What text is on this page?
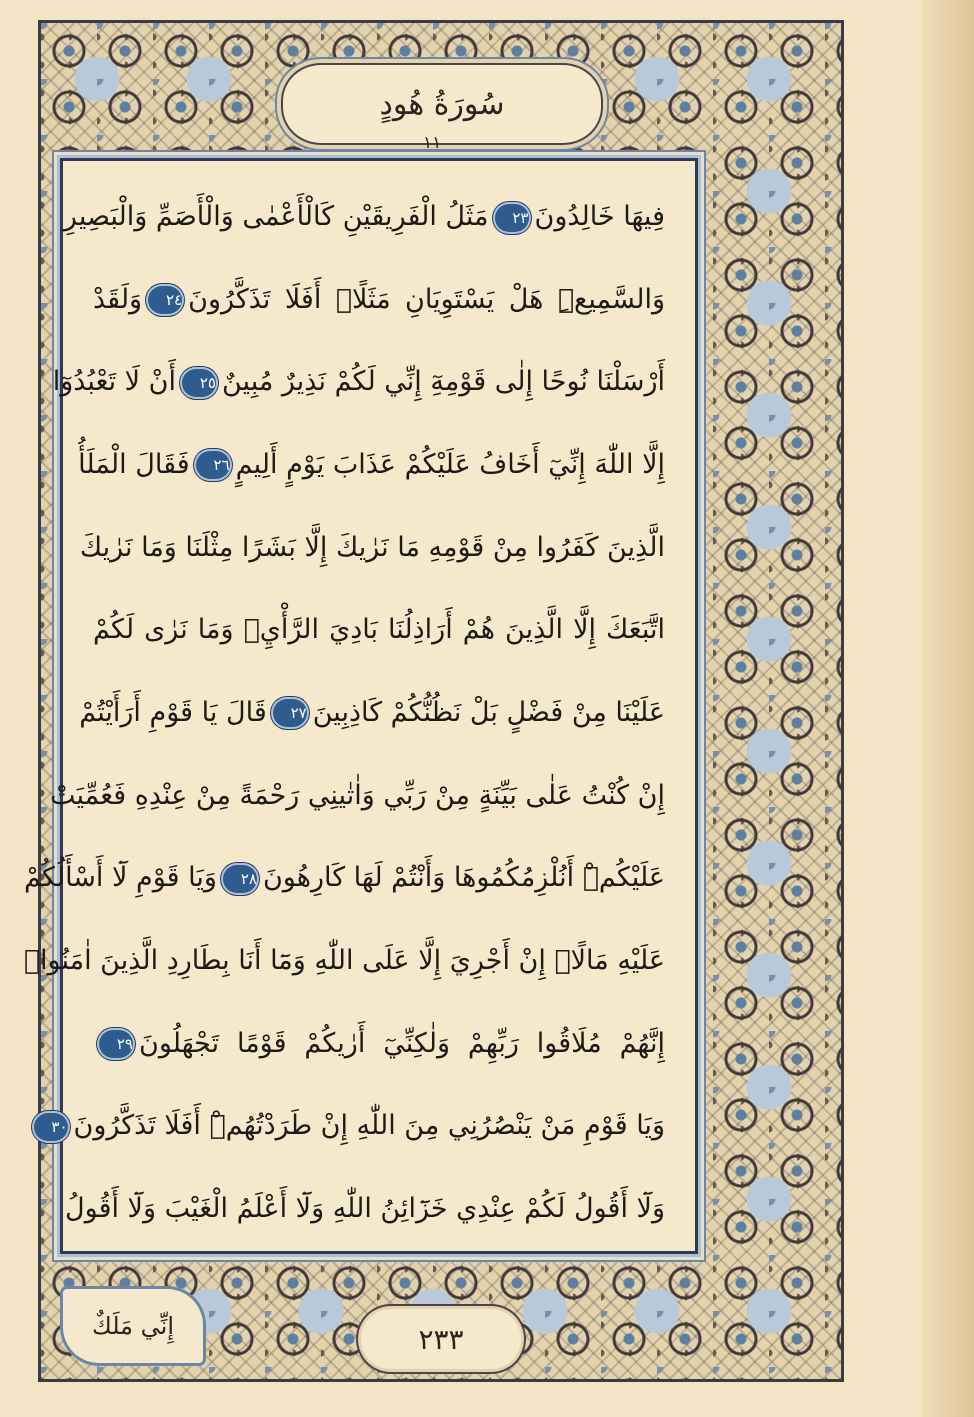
سُورَةُ هُودٍ
١١
فِيهَا خَالِدُونَ٢٣مَثَلُ الْفَرِيقَيْنِ كَالْأَعْمٰى وَالْأَصَمِّ وَالْبَصِيرِ
وَالسَّمِيعِۜ هَلْ يَسْتَوِيَانِ مَثَلًاۜ أَفَلَا تَذَكَّرُونَ٢٤وَلَقَدْ
أَرْسَلْنَا نُوحًا إِلٰى قَوْمِهِٓ إِنِّي لَكُمْ نَذِيرٌ مُبِينٌ٢٥أَنْ لَا تَعْبُدُوٓا
إِلَّا اللّٰهَ إِنِّيٓ أَخَافُ عَلَيْكُمْ عَذَابَ يَوْمٍ أَلِيمٍ٢٦فَقَالَ الْمَلَأُ
الَّذِينَ كَفَرُوا مِنْ قَوْمِهِ مَا نَرٰيكَ إِلَّا بَشَرًا مِثْلَنَا وَمَا نَرٰيكَ
اتَّبَعَكَ إِلَّا الَّذِينَ هُمْ أَرَاذِلُنَا بَادِيَ الرَّأْيِۚ وَمَا نَرٰى لَكُمْ
عَلَيْنَا مِنْ فَضْلٍ بَلْ نَظُنُّكُمْ كَاذِبِينَ٢٧قَالَ يَا قَوْمِ أَرَأَيْتُمْ
إِنْ كُنْتُ عَلٰى بَيِّنَةٍ مِنْ رَبِّي وَاٰتٰينِي رَحْمَةً مِنْ عِنْدِهِ فَعُمِّيَتْ
عَلَيْكُمْۜ أَنُلْزِمُكُمُوهَا وَأَنْتُمْ لَهَا كَارِهُونَ٢٨وَيَا قَوْمِ لَٓا أَسْأَلُكُمْ
عَلَيْهِ مَالًاۜ إِنْ أَجْرِيَ إِلَّا عَلَى اللّٰهِ وَمَٓا أَنَا بِطَارِدِ الَّذِينَ اٰمَنُواۜ
إِنَّهُمْ مُلَاقُوا رَبِّهِمْ وَلٰكِنِّيٓ أَرٰيكُمْ قَوْمًا تَجْهَلُونَ٢٩
وَيَا قَوْمِ مَنْ يَنْصُرُنِي مِنَ اللّٰهِ إِنْ طَرَدْتُهُمْۜ أَفَلَا تَذَكَّرُونَ٣٠
وَلَٓا أَقُولُ لَكُمْ عِنْدِي خَزَٓائِنُ اللّٰهِ وَلَٓا أَعْلَمُ الْغَيْبَ وَلَٓا أَقُولُ
إِنِّي مَلَكٌ	٢٣٣
